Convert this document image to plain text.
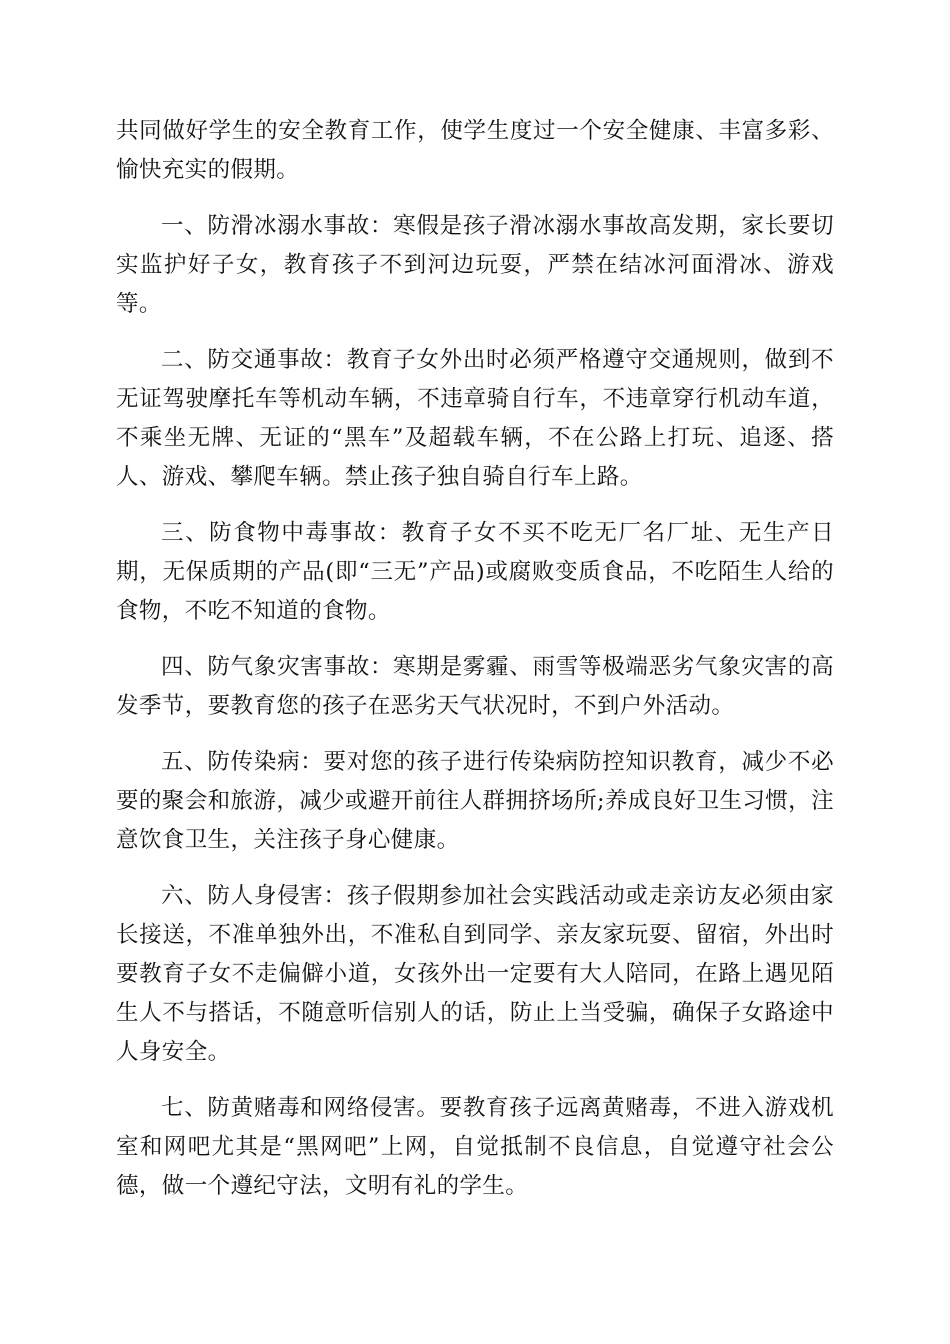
共同做好学生的安全教育工作，使学生度过一个安全健康、丰富多彩、愉快充实的假期。

一、防滑冰溺水事故：寒假是孩子滑冰溺水事故高发期，家长要切实监护好子女，教育孩子不到河边玩耍，严禁在结冰河面滑冰、游戏等。

二、防交通事故：教育子女外出时必须严格遵守交通规则，做到不无证驾驶摩托车等机动车辆，不违章骑自行车，不违章穿行机动车道，不乘坐无牌、无证的“黑车”及超载车辆，不在公路上打玩、追逐、搭人、游戏、攀爬车辆。禁止孩子独自骑自行车上路。

三、防食物中毒事故：教育子女不买不吃无厂名厂址、无生产日期，无保质期的产品(即“三无”产品)或腐败变质食品，不吃陌生人给的食物，不吃不知道的食物。

四、防气象灾害事故：寒期是雾霾、雨雪等极端恶劣气象灾害的高发季节，要教育您的孩子在恶劣天气状况时，不到户外活动。

五、防传染病：要对您的孩子进行传染病防控知识教育，减少不必要的聚会和旅游，减少或避开前往人群拥挤场所;养成良好卫生习惯，注意饮食卫生，关注孩子身心健康。

六、防人身侵害：孩子假期参加社会实践活动或走亲访友必须由家长接送，不准单独外出，不准私自到同学、亲友家玩耍、留宿，外出时要教育子女不走偏僻小道，女孩外出一定要有大人陪同，在路上遇见陌生人不与搭话，不随意听信别人的话，防止上当受骗，确保子女路途中人身安全。

七、防黄赌毒和网络侵害。要教育孩子远离黄赌毒，不进入游戏机室和网吧尤其是“黑网吧”上网，自觉抵制不良信息，自觉遵守社会公德，做一个遵纪守法，文明有礼的学生。
